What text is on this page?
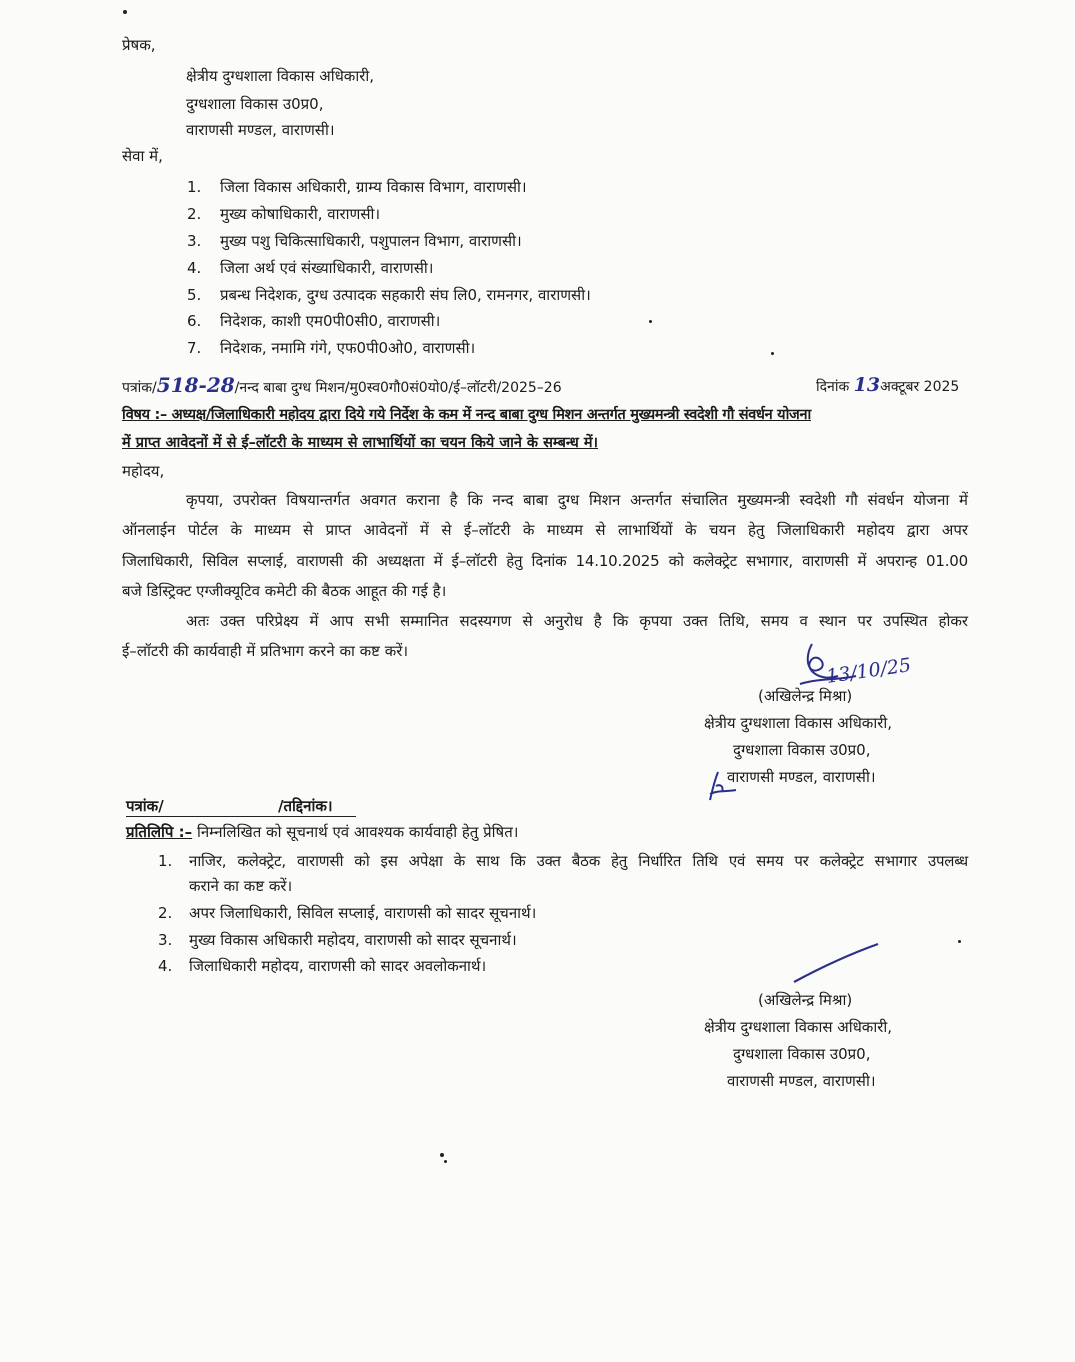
प्रेषक,
क्षेत्रीय दुग्धशाला विकास अधिकारी,
दुग्धशाला विकास उ0प्र0,
वाराणसी मण्डल, वाराणसी।
सेवा में,
1. जिला विकास अधिकारी, ग्राम्य विकास विभाग, वाराणसी।
2. मुख्य कोषाधिकारी, वाराणसी।
3. मुख्य पशु चिकित्साधिकारी, पशुपालन विभाग, वाराणसी।
4. जिला अर्थ एवं संख्याधिकारी, वाराणसी।
5. प्रबन्ध निदेशक, दुग्ध उत्पादक सहकारी संघ लि0, रामनगर, वाराणसी।
6. निदेशक, काशी एम0पी0सी0, वाराणसी।
7. निदेशक, नमामि गंगे, एफ0पी0ओ0, वाराणसी।
पत्रांक/518-28/नन्द बाबा दुग्ध मिशन/मु0स्व0गौ0सं0यो0/ई–लॉटरी/2025–26	दिनांक 13अक्टूबर 2025
विषय :– अध्यक्ष/जिलाधिकारी महोदय द्वारा दिये गये निर्देश के कम में नन्द बाबा दुग्ध मिशन अन्तर्गत मुख्यमन्त्री स्वदेशी गौ संवर्धन योजना
में प्राप्त आवेदनों में से ई–लॉटरी के माध्यम से लाभार्थियों का चयन किये जाने के सम्बन्ध में।
महोदय,
कृपया, उपरोक्त विषयान्तर्गत अवगत कराना है कि नन्द बाबा दुग्ध मिशन अन्तर्गत संचालित मुख्यमन्त्री स्वदेशी गौ संवर्धन योजना में
ऑनलाईन पोर्टल के माध्यम से प्राप्त आवेदनों में से ई–लॉटरी के माध्यम से लाभार्थियों के चयन हेतु जिलाधिकारी महोदय द्वारा अपर
जिलाधिकारी, सिविल सप्लाई, वाराणसी की अध्यक्षता में ई–लॉटरी हेतु दिनांक 14.10.2025 को कलेक्ट्रेट सभागार, वाराणसी में अपरान्ह 01.00
बजे डिस्ट्रिक्ट एग्जीक्यूटिव कमेटी की बैठक आहूत की गई है।
अतः उक्त परिप्रेक्ष्य में आप सभी सम्मानित सदस्यगण से अनुरोध है कि कृपया उक्त तिथि, समय व स्थान पर उपस्थित होकर
ई–लॉटरी की कार्यवाही में प्रतिभाग करने का कष्ट करें।
13/10/25
(अखिलेन्द्र मिश्रा)
क्षेत्रीय दुग्धशाला विकास अधिकारी,
दुग्धशाला विकास उ0प्र0,
वाराणसी मण्डल, वाराणसी।
पत्रांक/	/तद्दिनांक।
प्रतिलिपि :– निम्नलिखित को सूचनार्थ एवं आवश्यक कार्यवाही हेतु प्रेषित।
1. नाजिर, कलेक्ट्रेट, वाराणसी को इस अपेक्षा के साथ कि उक्त बैठक हेतु निर्धारित तिथि एवं समय पर कलेक्ट्रेट सभागार उपलब्ध
कराने का कष्ट करें।
2. अपर जिलाधिकारी, सिविल सप्लाई, वाराणसी को सादर सूचनार्थ।
3. मुख्य विकास अधिकारी महोदय, वाराणसी को सादर सूचनार्थ।
4. जिलाधिकारी महोदय, वाराणसी को सादर अवलोकनार्थ।
(अखिलेन्द्र मिश्रा)
क्षेत्रीय दुग्धशाला विकास अधिकारी,
दुग्धशाला विकास उ0प्र0,
वाराणसी मण्डल, वाराणसी।
